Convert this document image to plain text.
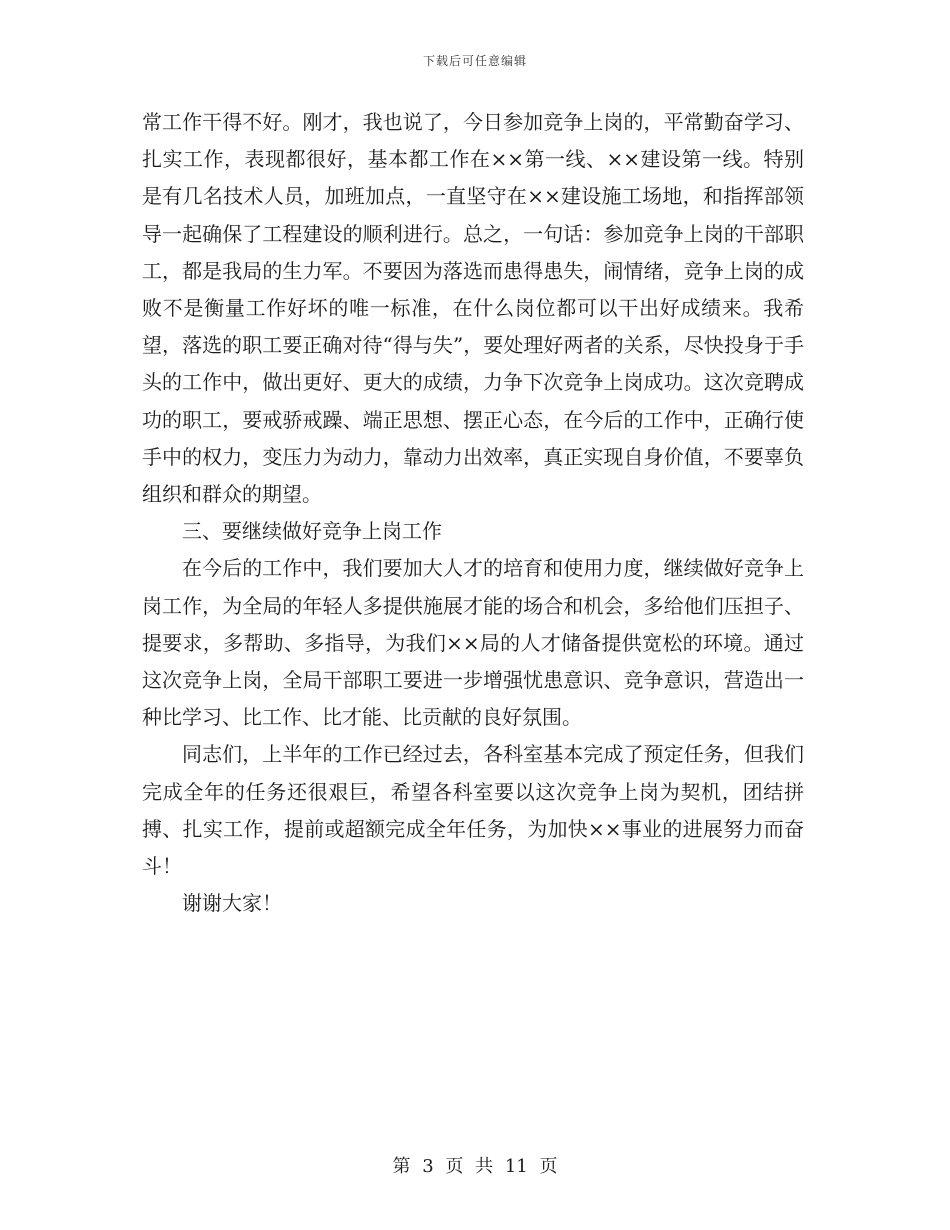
下载后可任意编辑

常工作干得不好。刚才，我也说了，今日参加竞争上岗的，平常勤奋学习、扎实工作，表现都很好，基本都工作在××第一线、××建设第一线。特别是有几名技术人员，加班加点，一直坚守在××建设施工场地，和指挥部领导一起确保了工程建设的顺利进行。总之，一句话：参加竞争上岗的干部职工，都是我局的生力军。不要因为落选而患得患失，闹情绪，竞争上岗的成败不是衡量工作好坏的唯一标准，在什么岗位都可以干出好成绩来。我希望，落选的职工要正确对待“得与失”，要处理好两者的关系，尽快投身于手头的工作中，做出更好、更大的成绩，力争下次竞争上岗成功。这次竞聘成功的职工，要戒骄戒躁、端正思想、摆正心态，在今后的工作中，正确行使手中的权力，变压力为动力，靠动力出效率，真正实现自身价值，不要辜负组织和群众的期望。

三、要继续做好竞争上岗工作

在今后的工作中，我们要加大人才的培育和使用力度，继续做好竞争上岗工作，为全局的年轻人多提供施展才能的场合和机会，多给他们压担子、提要求，多帮助、多指导，为我们××局的人才储备提供宽松的环境。通过这次竞争上岗，全局干部职工要进一步增强忧患意识、竞争意识，营造出一种比学习、比工作、比才能、比贡献的良好氛围。

同志们，上半年的工作已经过去，各科室基本完成了预定任务，但我们完成全年的任务还很艰巨，希望各科室要以这次竞争上岗为契机，团结拼搏、扎实工作，提前或超额完成全年任务，为加快××事业的进展努力而奋斗！

谢谢大家！

第 3 页 共 11 页
